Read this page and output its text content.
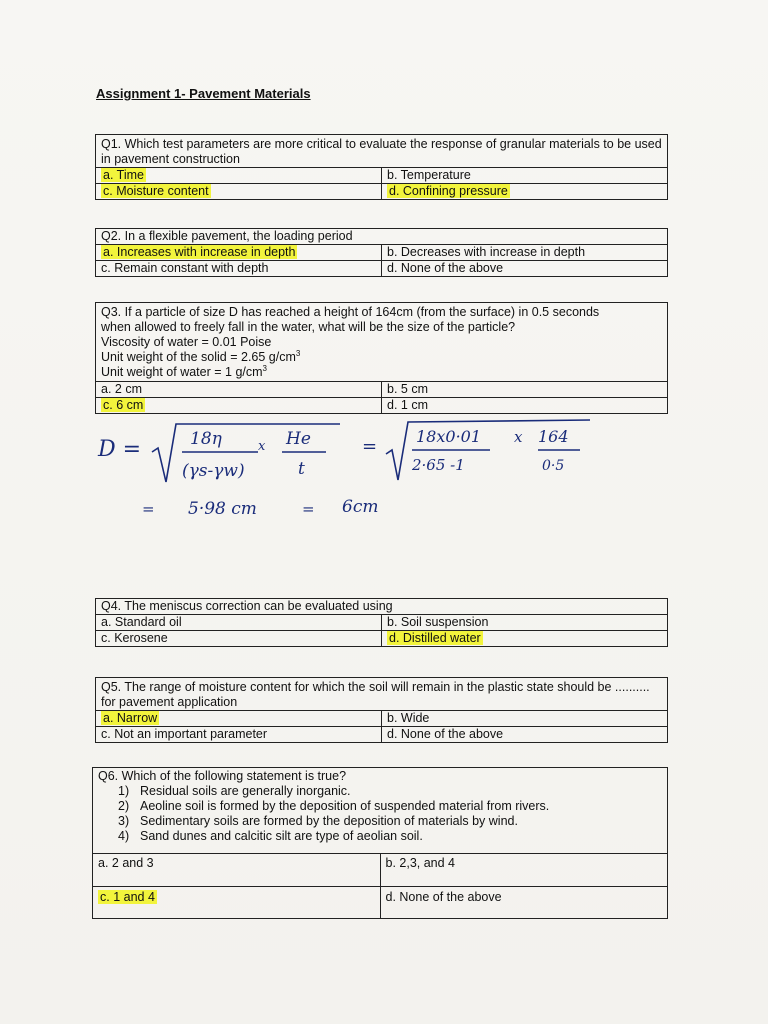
Assignment 1- Pavement Materials
Q1. Which test parameters are more critical to evaluate the response of granular materials to be used in pavement construction	
a. Time	b. Temperature
c. Moisture content	d. Confining pressure
Q2. In a flexible pavement, the loading period	
a. Increases with increase in depth	b. Decreases with increase in depth
c. Remain constant with depth	d. None of the above
Q3. If a particle of size D has reached a height of 164cm (from the surface) in 0.5 seconds
when allowed to freely fall in the water, what will be the size of the particle?
Viscosity of water = 0.01 Poise
Unit weight of the solid = 2.65 $g/cm^3$
Unit weight of water = 1 $g/cm^3$

a. 2 cm	b. 5 cm
c. 6 cm	d. 1 cm
D =	18η
(γs-γw)
x He
t
= 18x0·01
2·65 -1
x 164
0·5
= 5·98 cm	= 6cm
Q4. The meniscus correction can be evaluated using	
a. Standard oil	b. Soil suspension
c. Kerosene	d. Distilled water
Q5. The range of moisture content for which the soil will remain in the plastic state should be .......... for pavement application	
a. Narrow	b. Wide
c. Not an important parameter	d. None of the above
Q6. Which of the following statement is true?
1) Residual soils are generally inorganic.
2) Aeoline soil is formed by the deposition of suspended material from rivers.
3) Sedimentary soils are formed by the deposition of materials by wind.
4) Sand dunes and calcitic silt are type of aeolian soil.	

a. 2 and 3	b. 2,3, and 4
c. 1 and 4	d. None of the above
